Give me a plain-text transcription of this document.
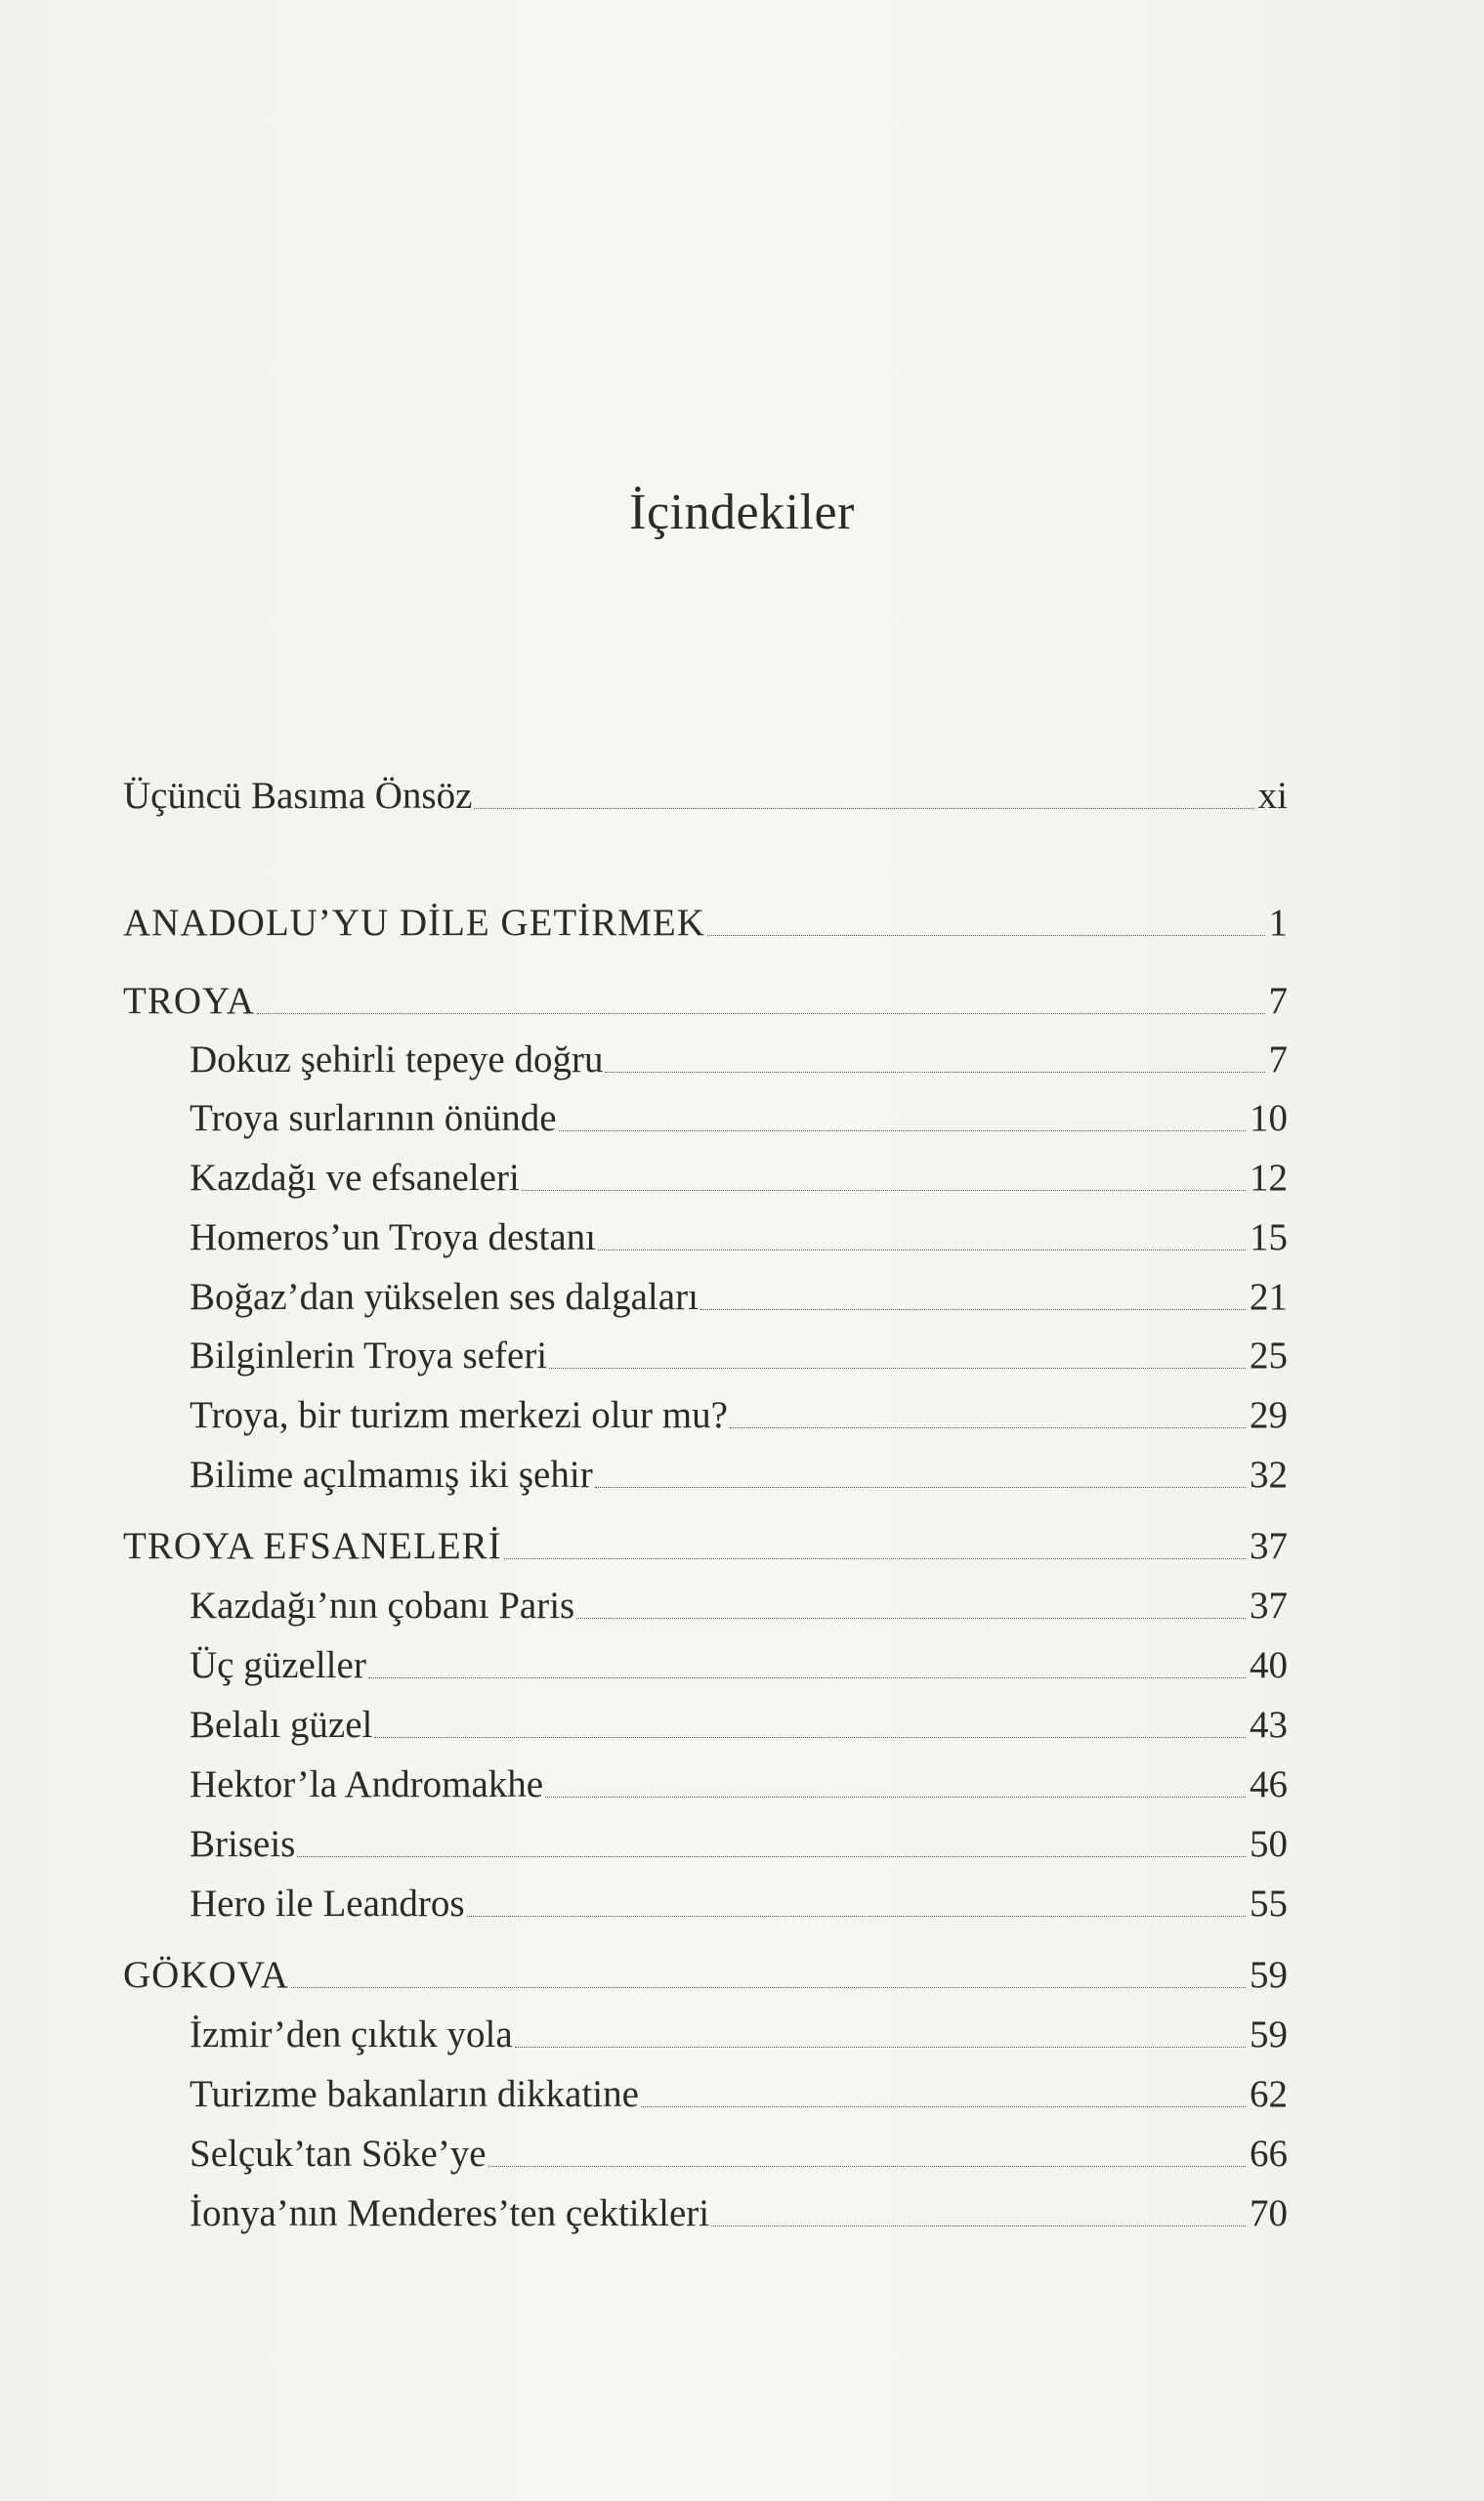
İçindekiler
Üçüncü Basıma Önsöz	xi
ANADOLU’YU DİLE GETİRMEK	1
TROYA	7
Dokuz şehirli tepeye doğru	7
Troya surlarının önünde	10
Kazdağı ve efsaneleri	12
Homeros’un Troya destanı	15
Boğaz’dan yükselen ses dalgaları	21
Bilginlerin Troya seferi	25
Troya, bir turizm merkezi olur mu?	29
Bilime açılmamış iki şehir	32
TROYA EFSANELERİ	37
Kazdağı’nın çobanı Paris	37
Üç güzeller	40
Belalı güzel	43
Hektor’la Andromakhe	46
Briseis	50
Hero ile Leandros	55
GÖKOVA	59
İzmir’den çıktık yola	59
Turizme bakanların dikkatine	62
Selçuk’tan Söke’ye	66
İonya’nın Menderes’ten çektikleri	70
